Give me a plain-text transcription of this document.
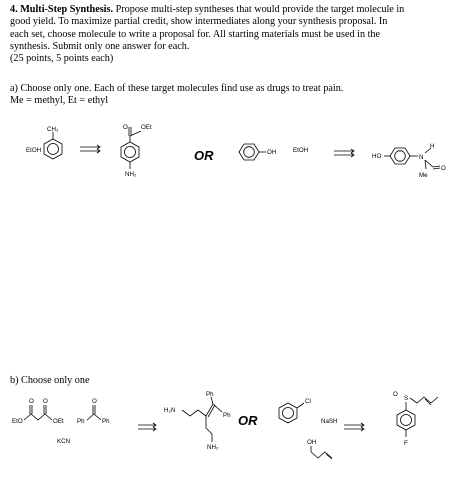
4. Multi-Step Synthesis. Propose multi-step syntheses that would provide the target molecule in
good yield. To maximize partial credit, show intermediates along your synthesis proposal. In
each set, choose molecule to write a proposal for. All starting materials must be used in the
synthesis. Submit only one answer for each.
(25 points, 5 points each)

a) Choose only one. Each of these target molecules find use as drugs to treat pain.
Me = methyl, Et = ethyl

b) Choose only one

EtOH
CH₃	O OEt
NH₂
OR	OH	EtOH
HO
H
N
O
Me
EtO
O O
OEt Ph
O
Ph
KCN
H₂N
Ph
Ph
NH₂
OR
Cl
NaSH
OH
O
S
F
